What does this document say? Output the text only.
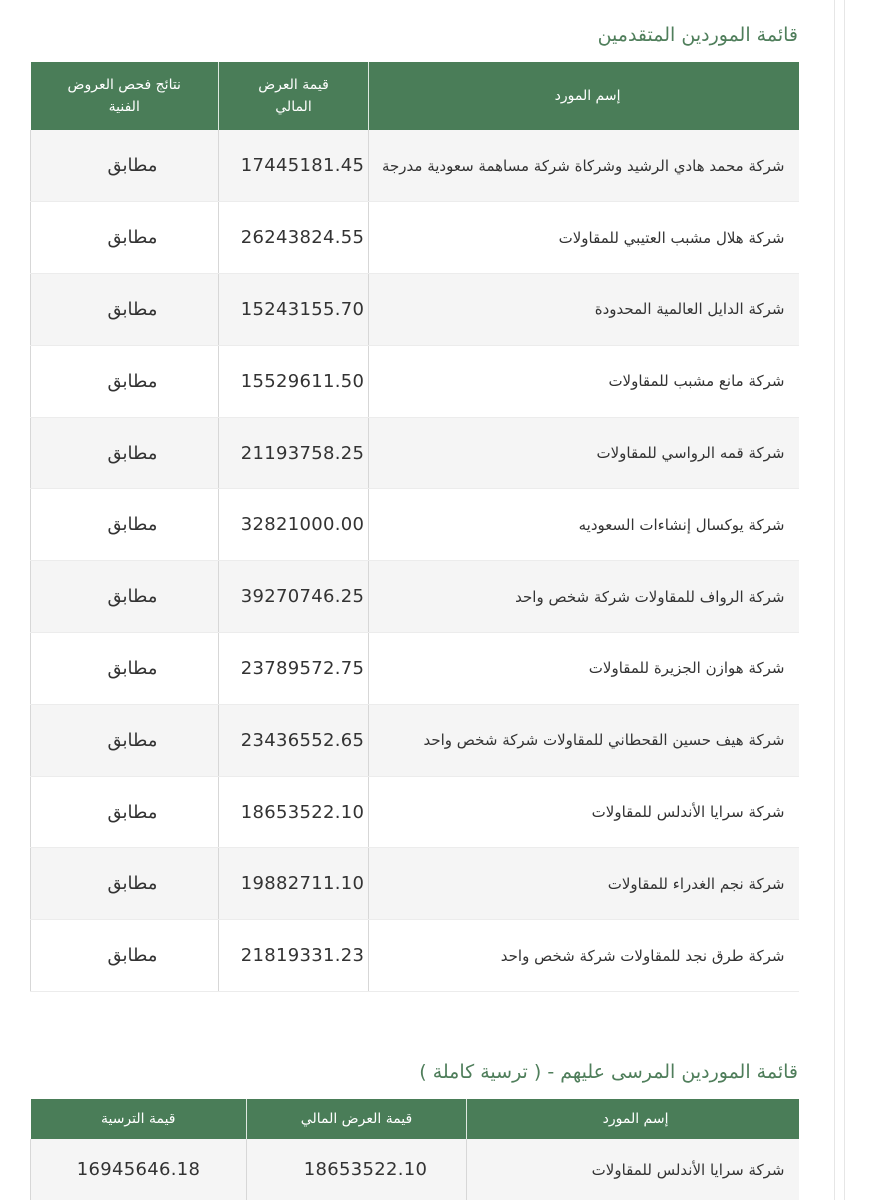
قائمة الموردين المتقدمين
إسم المورد	قيمة العرض المالي	نتائج فحص العروض الفنية
شركة محمد هادي الرشيد وشركاة شركة مساهمة سعودية مدرجة	17445181.45	مطابق
شركة هلال مشبب العتيبي للمقاولات	26243824.55	مطابق
شركة الدايل العالمية المحدودة	15243155.70	مطابق
شركة مانع مشبب للمقاولات	15529611.50	مطابق
شركة قمه الرواسي للمقاولات	21193758.25	مطابق
شركة يوكسال إنشاءات السعوديه	32821000.00	مطابق
شركة الرواف للمقاولات شركة شخص واحد	39270746.25	مطابق
شركة هوازن الجزيرة للمقاولات	23789572.75	مطابق
شركة هيف حسين القحطاني للمقاولات شركة شخص واحد	23436552.65	مطابق
شركة سرايا الأندلس للمقاولات	18653522.10	مطابق
شركة نجم الغدراء للمقاولات	19882711.10	مطابق
شركة طرق نجد للمقاولات شركة شخص واحد	21819331.23	مطابق
قائمة الموردين المرسى عليهم - ( ترسية كاملة )
إسم المورد	قيمة العرض المالي	قيمة الترسية
شركة سرايا الأندلس للمقاولات	18653522.10	16945646.18
